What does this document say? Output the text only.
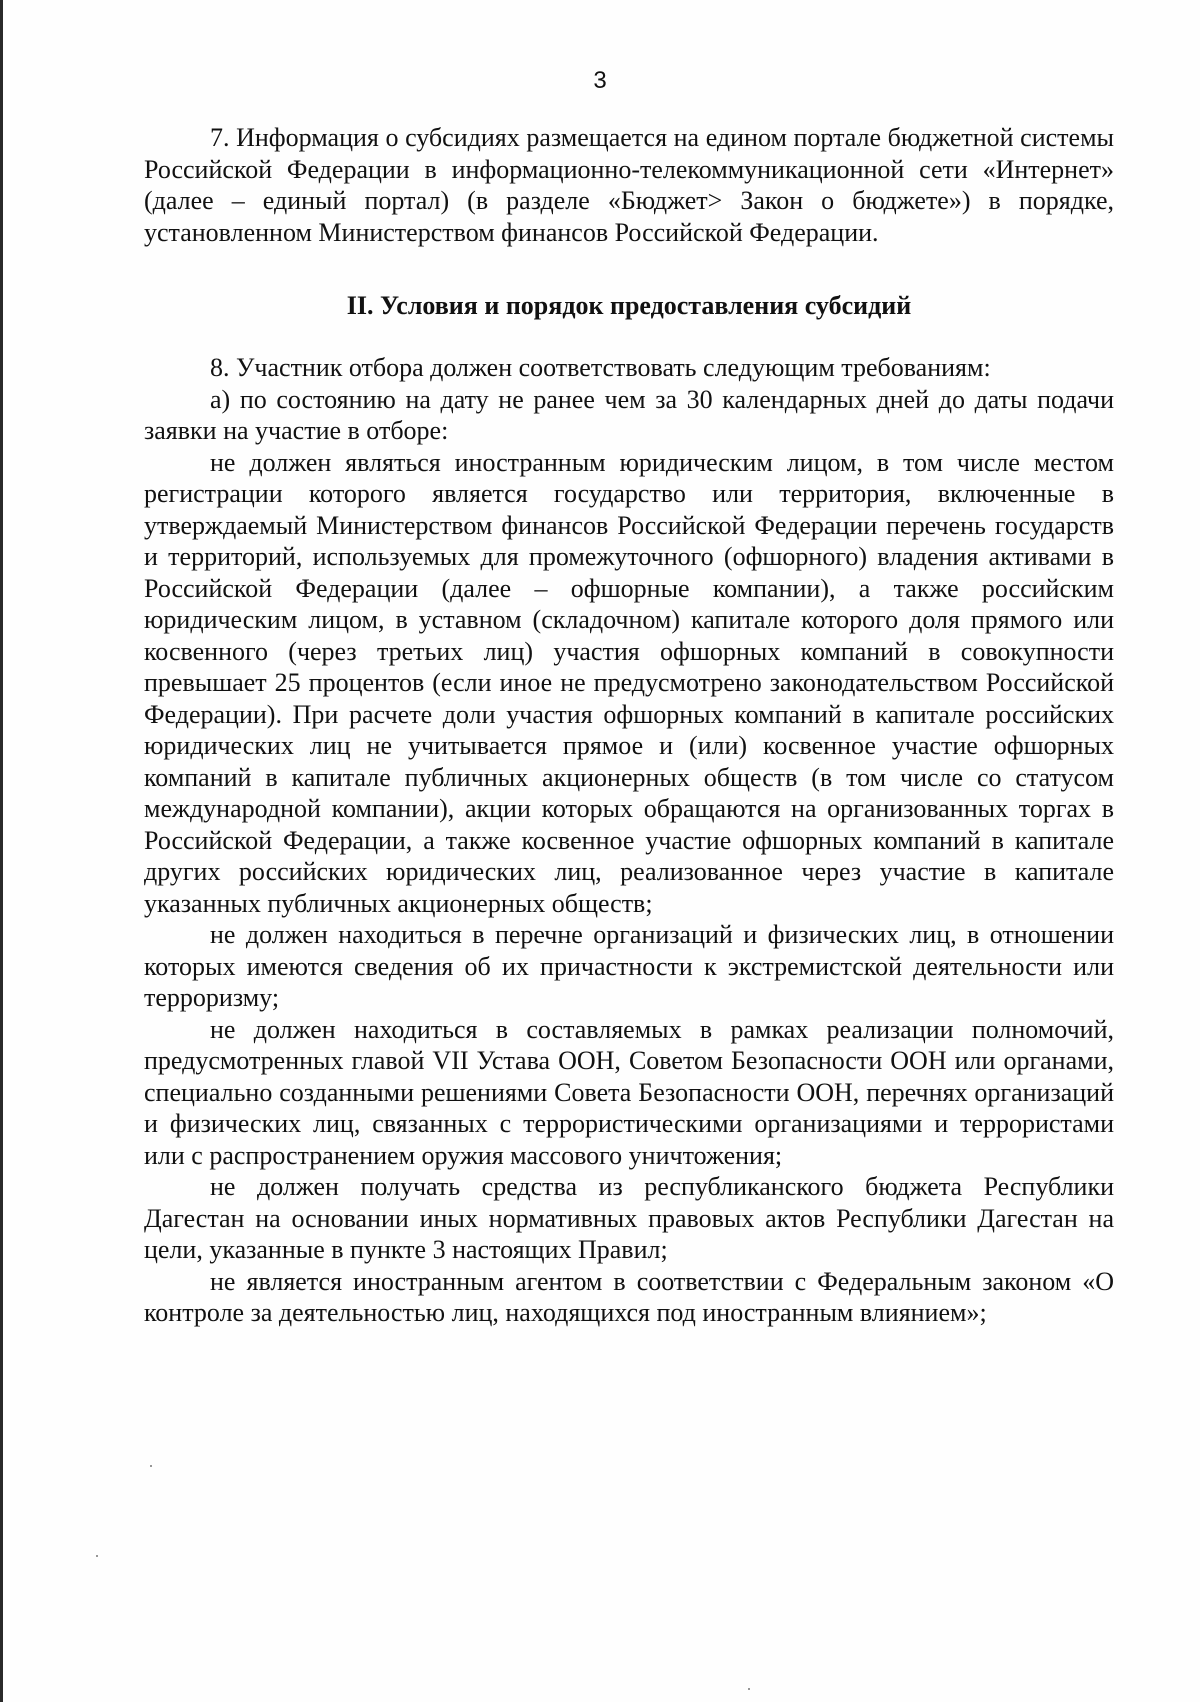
3

7. Информация о субсидиях размещается на едином портале бюджетной системы Российской Федерации в информационно-телекоммуникационной сети «Интернет» (далее – единый портал) (в разделе «Бюджет> Закон о бюджете») в порядке, установленном Министерством финансов Российской Федерации.

II. Условия и порядок предоставления субсидий

8. Участник отбора должен соответствовать следующим требованиям:

а) по состоянию на дату не ранее чем за 30 календарных дней до даты подачи заявки на участие в отборе:

не должен являться иностранным юридическим лицом, в том числе местом регистрации которого является государство или территория, включенные в утверждаемый Министерством финансов Российской Федерации перечень государств и территорий, используемых для промежуточного (офшорного) владения активами в Российской Федерации (далее – офшорные компании), а также российским юридическим лицом, в уставном (складочном) капитале которого доля прямого или косвенного (через третьих лиц) участия офшорных компаний в совокупности превышает 25 процентов (если иное не предусмотрено законодательством Российской Федерации). При расчете доли участия офшорных компаний в капитале российских юридических лиц не учитывается прямое и (или) косвенное участие офшорных компаний в капитале публичных акционерных обществ (в том числе со статусом международной компании), акции которых обращаются на организованных торгах в Российской Федерации, а также косвенное участие офшорных компаний в капитале других российских юридических лиц, реализованное через участие в капитале указанных публичных акционерных обществ;

не должен находиться в перечне организаций и физических лиц, в отношении которых имеются сведения об их причастности к экстремистской деятельности или терроризму;

не должен находиться в составляемых в рамках реализации полномочий, предусмотренных главой VII Устава ООН, Советом Безопасности ООН или органами, специально созданными решениями Совета Безопасности ООН, перечнях организаций и физических лиц, связанных с террористическими организациями и террористами или с распространением оружия массового уничтожения;

не должен получать средства из республиканского бюджета Республики Дагестан на основании иных нормативных правовых актов Республики Дагестан на цели, указанные в пункте 3 настоящих Правил;

не является иностранным агентом в соответствии с Федеральным законом «О контроле за деятельностью лиц, находящихся под иностранным влиянием»;
